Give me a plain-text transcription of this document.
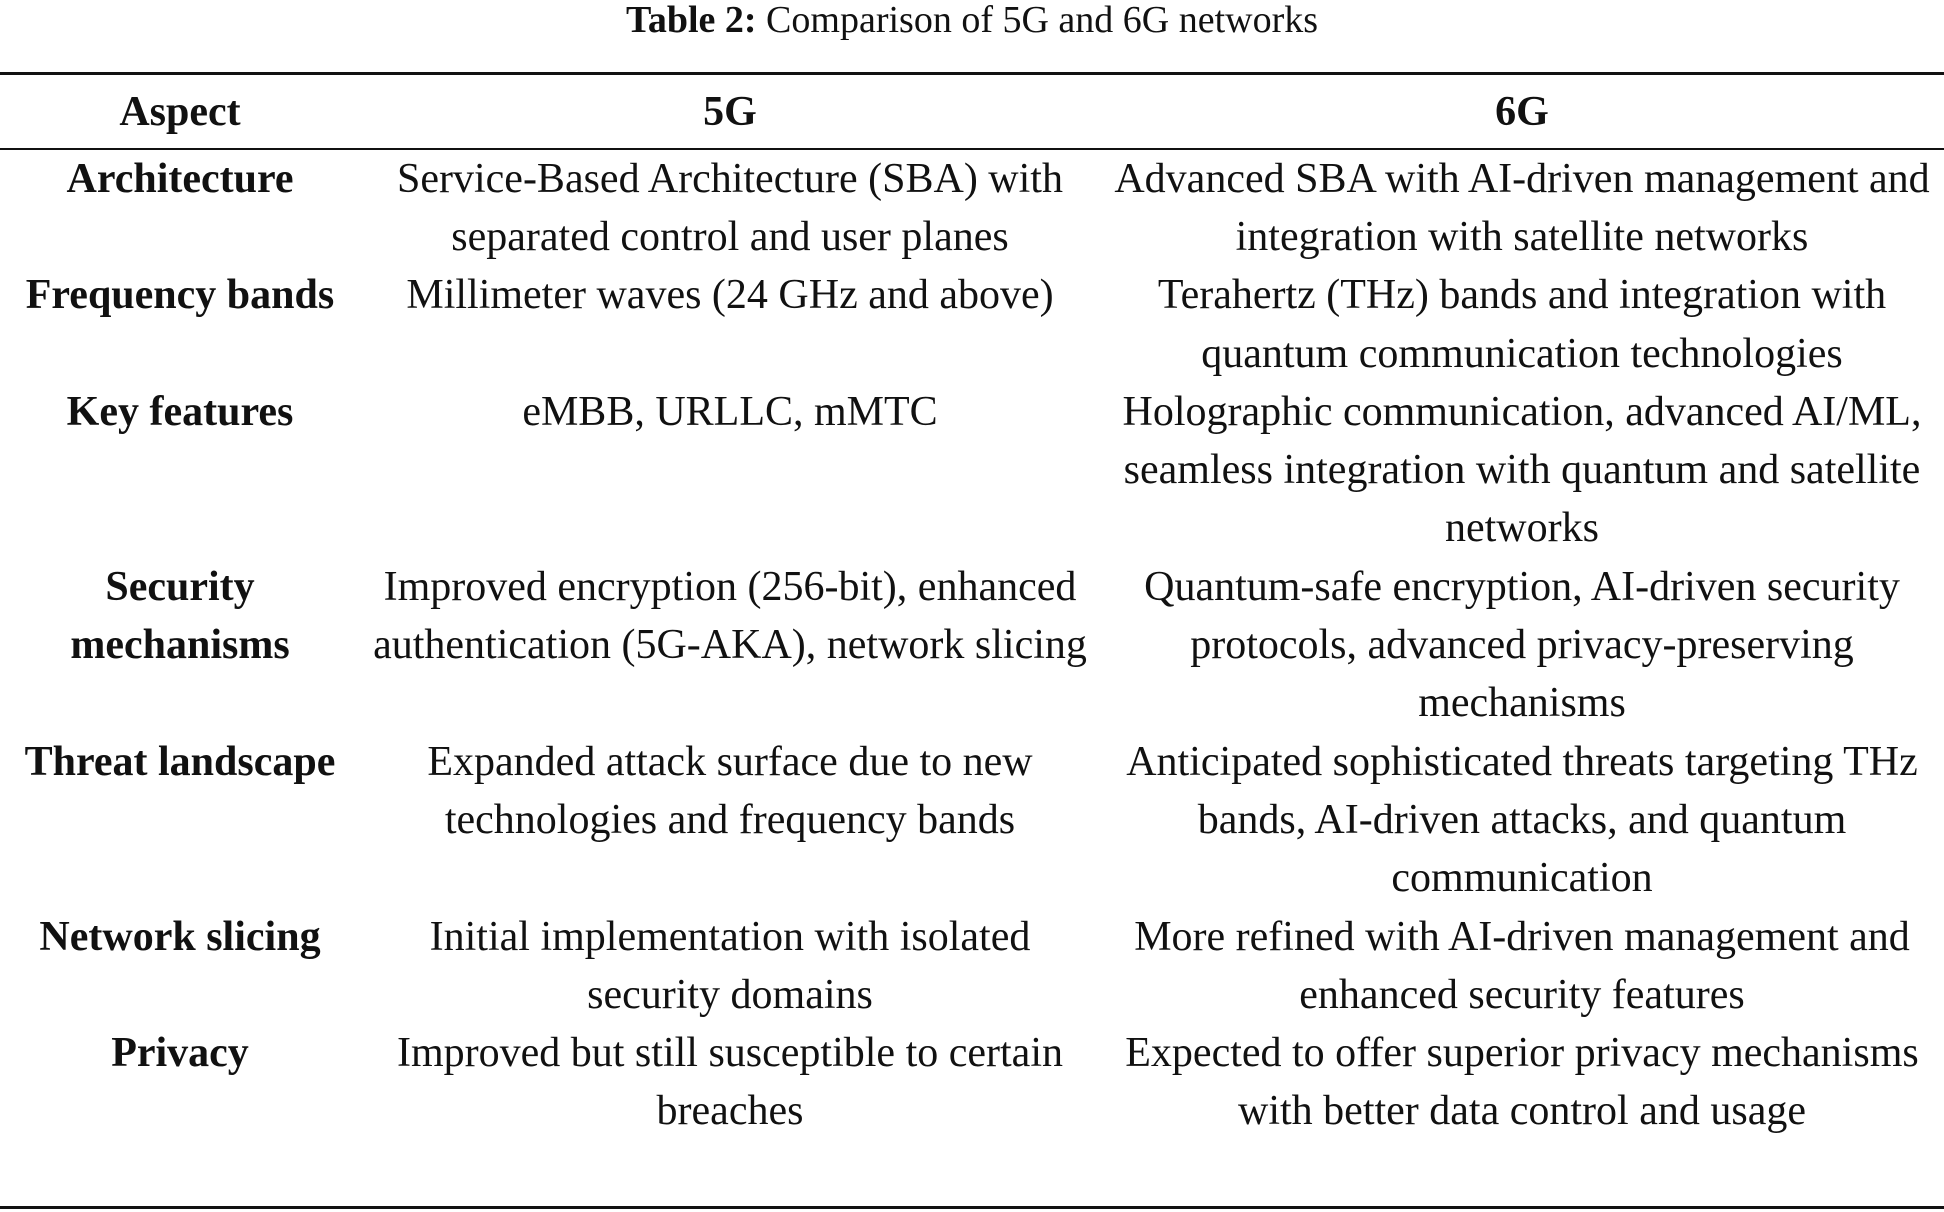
Table 2: Comparison of 5G and 6G networks
Aspect	5G	6G

Architecture	Service-Based Architecture (SBA) with separated control and user planes	Advanced SBA with AI-driven management and integration with satellite networks
Frequency bands	Millimeter waves (24 GHz and above)	Terahertz (THz) bands and integration with quantum communication technologies
Key features	eMBB, URLLC, mMTC	Holographic communication, advanced AI/ML, seamless integration with quantum and satellite networks
Security mechanisms	Improved encryption (256-bit), enhanced authentication (5G-AKA), network slicing	Quantum-safe encryption, AI-driven security protocols, advanced privacy-preserving mechanisms
Threat landscape	Expanded attack surface due to new technologies and frequency bands	Anticipated sophisticated threats targeting THz bands, AI-driven attacks, and quantum communication
Network slicing	Initial implementation with isolated security domains	More refined with AI-driven management and enhanced security features
Privacy	Improved but still susceptible to certain breaches	Expected to offer superior privacy mechanisms with better data control and usage
